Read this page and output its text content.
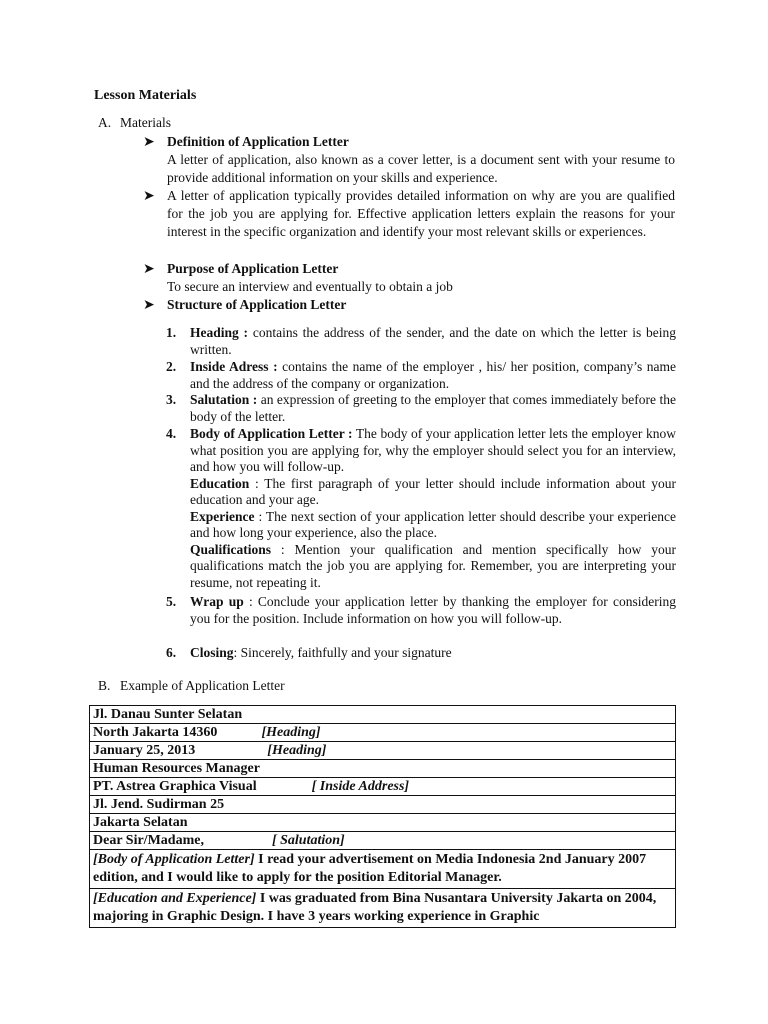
Lesson Materials
A. Materials
➤ Definition of Application Letter
A letter of application, also known as a cover letter, is a document sent with your resume to provide additional information on your skills and experience.
➤ A letter of application typically provides detailed information on why are you are qualified for the job you are applying for. Effective application letters explain the reasons for your interest in the specific organization and identify your most relevant skills or experiences.
➤ Purpose of Application Letter
To secure an interview and eventually to obtain a job
➤ Structure of Application Letter
1. Heading : contains the address of the sender, and the date on which the letter is being written.
2. Inside Adress : contains the name of the employer , his/ her position, company’s name and the address of the company or organization.
3. Salutation : an expression of greeting to the employer that comes immediately before the body of the letter.
4. Body of Application Letter : The body of your application letter lets the employer know what position you are applying for, why the employer should select you for an interview, and how you will follow-up.
Education : The first paragraph of your letter should include information about your education and your age.
Experience : The next section of your application letter should describe your experience and how long your experience, also the place.
Qualifications : Mention your qualification and mention specifically how your qualifications match the job you are applying for. Remember, you are interpreting your resume, not repeating it.
5. Wrap up : Conclude your application letter by thanking the employer for considering you for the position. Include information on how you will follow-up.
6. Closing: Sincerely, faithfully and your signature
B. Example of Application Letter
Jl. Danau Sunter Selatan
North Jakarta 14360	[Heading]
January 25, 2013	[Heading]
Human Resources Manager
PT. Astrea Graphica Visual	[ Inside Address]
Jl. Jend. Sudirman 25
Jakarta Selatan
Dear Sir/Madame,	[ Salutation]
[Body of Application Letter] I read your advertisement on Media Indonesia 2nd January 2007 edition, and I would like to apply for the position Editorial Manager.
[Education and Experience] I was graduated from Bina Nusantara University Jakarta on 2004, majoring in Graphic Design. I have 3 years working experience in Graphic
